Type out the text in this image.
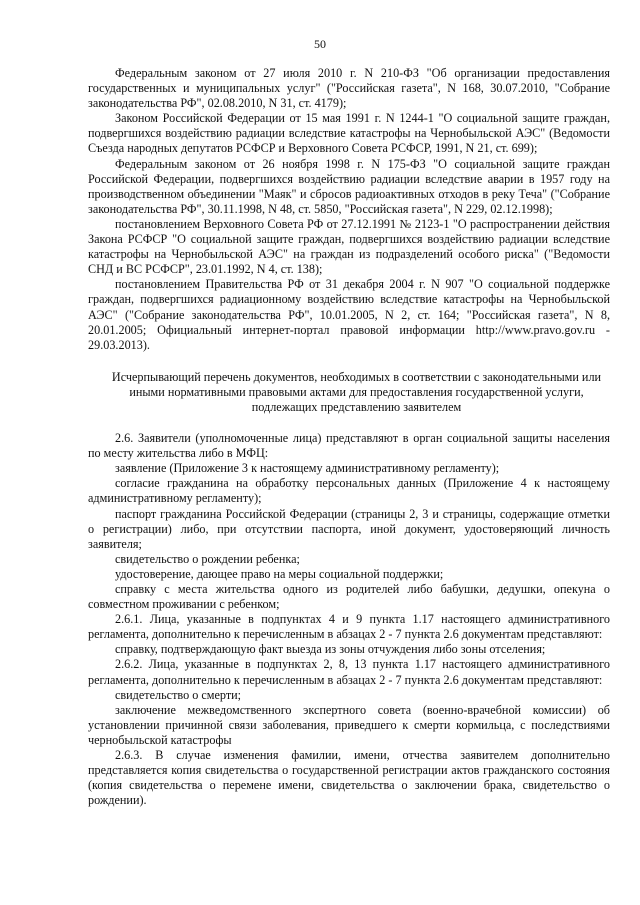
50

Федеральным законом от 27 июля 2010 г. N 210-ФЗ "Об организации предоставления государственных и муниципальных услуг" ("Российская газета", N 168, 30.07.2010, "Собрание законодательства РФ", 02.08.2010, N 31, ст. 4179);

Законом Российской Федерации от 15 мая 1991 г. N 1244-1 "О социальной защите граждан, подвергшихся воздействию радиации вследствие катастрофы на Чернобыльской АЭС" (Ведомости Съезда народных депутатов РСФСР и Верховного Совета РСФСР, 1991, N 21, ст. 699);

Федеральным законом от 26 ноября 1998 г. N 175-ФЗ "О социальной защите граждан Российской Федерации, подвергшихся воздействию радиации вследствие аварии в 1957 году на производственном объединении "Маяк" и сбросов радиоактивных отходов в реку Теча" ("Собрание законодательства РФ", 30.11.1998, N 48, ст. 5850, "Российская газета", N 229, 02.12.1998);

постановлением Верховного Совета РФ от 27.12.1991 № 2123-1 "О распространении действия Закона РСФСР "О социальной защите граждан, подвергшихся воздействию радиации вследствие катастрофы на Чернобыльской АЭС" на граждан из подразделений особого риска" ("Ведомости СНД и ВС РСФСР", 23.01.1992, N 4, ст. 138);

постановлением Правительства РФ от 31 декабря 2004 г. N 907 "О социальной поддержке граждан, подвергшихся радиационному воздействию вследствие катастрофы на Чернобыльской АЭС" ("Собрание законодательства РФ", 10.01.2005, N 2, ст. 164; "Российская газета", N 8, 20.01.2005; Официальный интернет-портал правовой информации http://www.pravo.gov.ru - 29.03.2013).

Исчерпывающий перечень документов, необходимых в соответствии с законодательными или
иными нормативными правовыми актами для предоставления государственной услуги,
подлежащих представлению заявителем

2.6. Заявители (уполномоченные лица) представляют в орган социальной защиты населения по месту жительства либо в МФЦ:

заявление (Приложение 3 к настоящему административному регламенту);

согласие гражданина на обработку персональных данных (Приложение 4 к настоящему административному регламенту);

паспорт гражданина Российской Федерации (страницы 2, 3 и страницы, содержащие отметки о регистрации) либо, при отсутствии паспорта, иной документ, удостоверяющий личность заявителя;

свидетельство о рождении ребенка;

удостоверение, дающее право на меры социальной поддержки;

справку с места жительства одного из родителей либо бабушки, дедушки, опекуна о совместном проживании с ребенком;

2.6.1. Лица, указанные в подпунктах 4 и 9 пункта 1.17 настоящего административного регламента, дополнительно к перечисленным в абзацах 2 - 7 пункта 2.6 документам представляют:

справку, подтверждающую факт выезда из зоны отчуждения либо зоны отселения;

2.6.2. Лица, указанные в подпунктах 2, 8, 13 пункта 1.17 настоящего административного регламента, дополнительно к перечисленным в абзацах 2 - 7 пункта 2.6 документам представляют:

свидетельство о смерти;

заключение межведомственного экспертного совета (военно-врачебной комиссии) об установлении причинной связи заболевания, приведшего к смерти кормильца, с последствиями чернобыльской катастрофы

2.6.3. В случае изменения фамилии, имени, отчества заявителем дополнительно представляется копия свидетельства о государственной регистрации актов гражданского состояния (копия свидетельства о перемене имени, свидетельства о заключении брака, свидетельство о рождении).
